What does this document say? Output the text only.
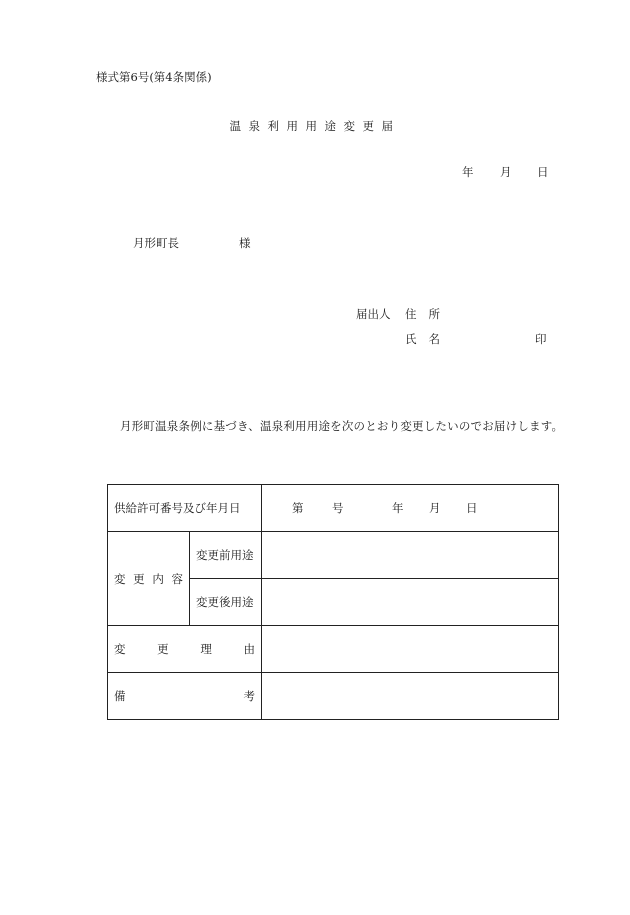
様式第6号(第4条関係)
温泉利用用途変更届
年 月 日
月形町長	様
届出人 住所
氏名	印
月形町温泉条例に基づき、温泉利用用途を次のとおり変更したいのでお届けします。
供給許可番号及び年月日		第 号 年 月 日

変 更 内 容	変更前用途	
	変更後用途	

変 更 理 由		

備 考		
